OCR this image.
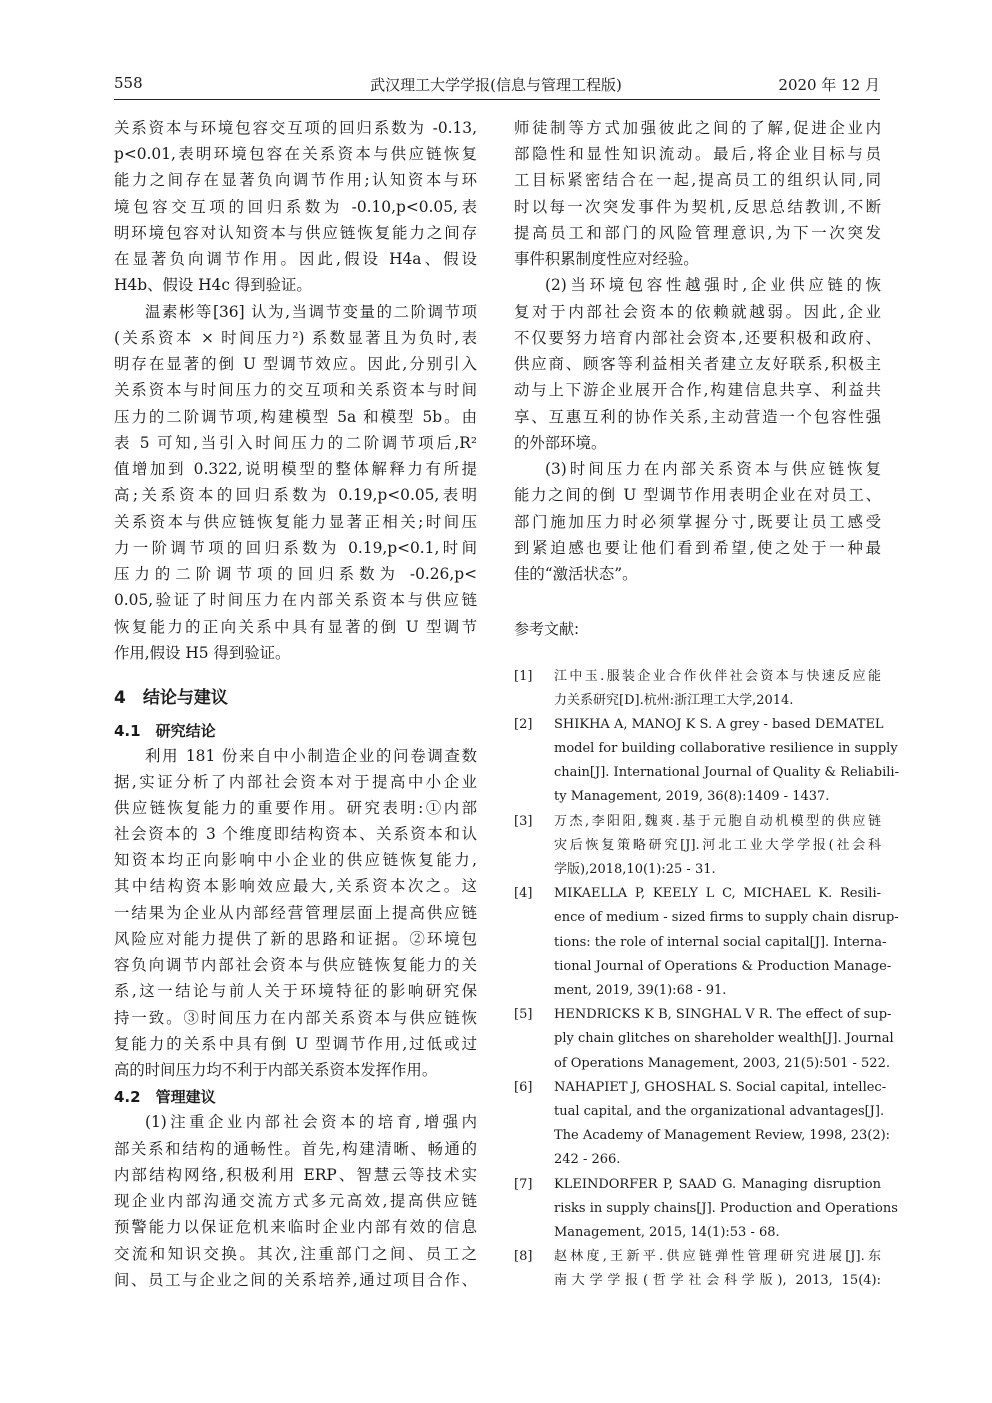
558	武汉理工大学学报(信息与管理工程版)	2020 年 12 月
关系资本与环境包容交互项的回归系数为 -0.13,
p<0.01,表明环境包容在关系资本与供应链恢复
能力之间存在显著负向调节作用;认知资本与环
境包容交互项的回归系数为 -0.10,p<0.05,表
明环境包容对认知资本与供应链恢复能力之间存
在显著负向调节作用。因此,假设 H4a、假设
H4b、假设 H4c 得到验证。
温素彬等[36] 认为,当调节变量的二阶调节项
(关系资本 × 时间压力²) 系数显著且为负时,表
明存在显著的倒 U 型调节效应。因此,分别引入
关系资本与时间压力的交互项和关系资本与时间
压力的二阶调节项,构建模型 5a 和模型 5b。由
表 5 可知,当引入时间压力的二阶调节项后,R²
值增加到 0.322,说明模型的整体解释力有所提
高;关系资本的回归系数为 0.19,p<0.05,表明
关系资本与供应链恢复能力显著正相关;时间压
力一阶调节项的回归系数为 0.19,p<0.1,时间
压力的二阶调节项的回归系数为 -0.26,p<
0.05,验证了时间压力在内部关系资本与供应链
恢复能力的正向关系中具有显著的倒 U 型调节
作用,假设 H5 得到验证。
4　结论与建议
4.1　研究结论
利用 181 份来自中小制造企业的问卷调查数
据,实证分析了内部社会资本对于提高中小企业
供应链恢复能力的重要作用。研究表明:①内部
社会资本的 3 个维度即结构资本、关系资本和认
知资本均正向影响中小企业的供应链恢复能力,
其中结构资本影响效应最大,关系资本次之。这
一结果为企业从内部经营管理层面上提高供应链
风险应对能力提供了新的思路和证据。②环境包
容负向调节内部社会资本与供应链恢复能力的关
系,这一结论与前人关于环境特征的影响研究保
持一致。③时间压力在内部关系资本与供应链恢
复能力的关系中具有倒 U 型调节作用,过低或过
高的时间压力均不利于内部关系资本发挥作用。
4.2　管理建议
(1)注重企业内部社会资本的培育,增强内
部关系和结构的通畅性。首先,构建清晰、畅通的
内部结构网络,积极利用 ERP、智慧云等技术实
现企业内部沟通交流方式多元高效,提高供应链
预警能力以保证危机来临时企业内部有效的信息
交流和知识交换。其次,注重部门之间、员工之
间、员工与企业之间的关系培养,通过项目合作、
师徒制等方式加强彼此之间的了解,促进企业内
部隐性和显性知识流动。最后,将企业目标与员
工目标紧密结合在一起,提高员工的组织认同,同
时以每一次突发事件为契机,反思总结教训,不断
提高员工和部门的风险管理意识,为下一次突发
事件积累制度性应对经验。
(2)当环境包容性越强时,企业供应链的恢
复对于内部社会资本的依赖就越弱。因此,企业
不仅要努力培育内部社会资本,还要积极和政府、
供应商、顾客等利益相关者建立友好联系,积极主
动与上下游企业展开合作,构建信息共享、利益共
享、互惠互利的协作关系,主动营造一个包容性强
的外部环境。
(3)时间压力在内部关系资本与供应链恢复
能力之间的倒 U 型调节作用表明企业在对员工、
部门施加压力时必须掌握分寸,既要让员工感受
到紧迫感也要让他们看到希望,使之处于一种最
佳的“激活状态”。
参考文献:
[1] 江中玉.服装企业合作伙伴社会资本与快速反应能
力关系研究[D].杭州:浙江理工大学,2014.
[2] SHIKHA A, MANOJ K S. A grey - based DEMATEL
model for building collaborative resilience in supply
chain[J]. International Journal of Quality & Reliabili-
ty Management, 2019, 36(8):1409 - 1437.
[3] 万杰,李阳阳,魏爽.基于元胞自动机模型的供应链
灾后恢复策略研究[J].河北工业大学学报(社会科
学版),2018,10(1):25 - 31.
[4] MIKAELLA P, KEELY L C, MICHAEL K. Resili-
ence of medium - sized firms to supply chain disrup-
tions: the role of internal social capital[J]. Interna-
tional Journal of Operations & Production Manage-
ment, 2019, 39(1):68 - 91.
[5] HENDRICKS K B, SINGHAL V R. The effect of sup-
ply chain glitches on shareholder wealth[J]. Journal
of Operations Management, 2003, 21(5):501 - 522.
[6] NAHAPIET J, GHOSHAL S. Social capital, intellec-
tual capital, and the organizational advantages[J].
The Academy of Management Review, 1998, 23(2):
242 - 266.
[7] KLEINDORFER P, SAAD G. Managing disruption
risks in supply chains[J]. Production and Operations
Management, 2015, 14(1):53 - 68.
[8] 赵林度,王新平.供应链弹性管理研究进展[J].东
南大学学报(哲学社会科学版), 2013, 15(4):
